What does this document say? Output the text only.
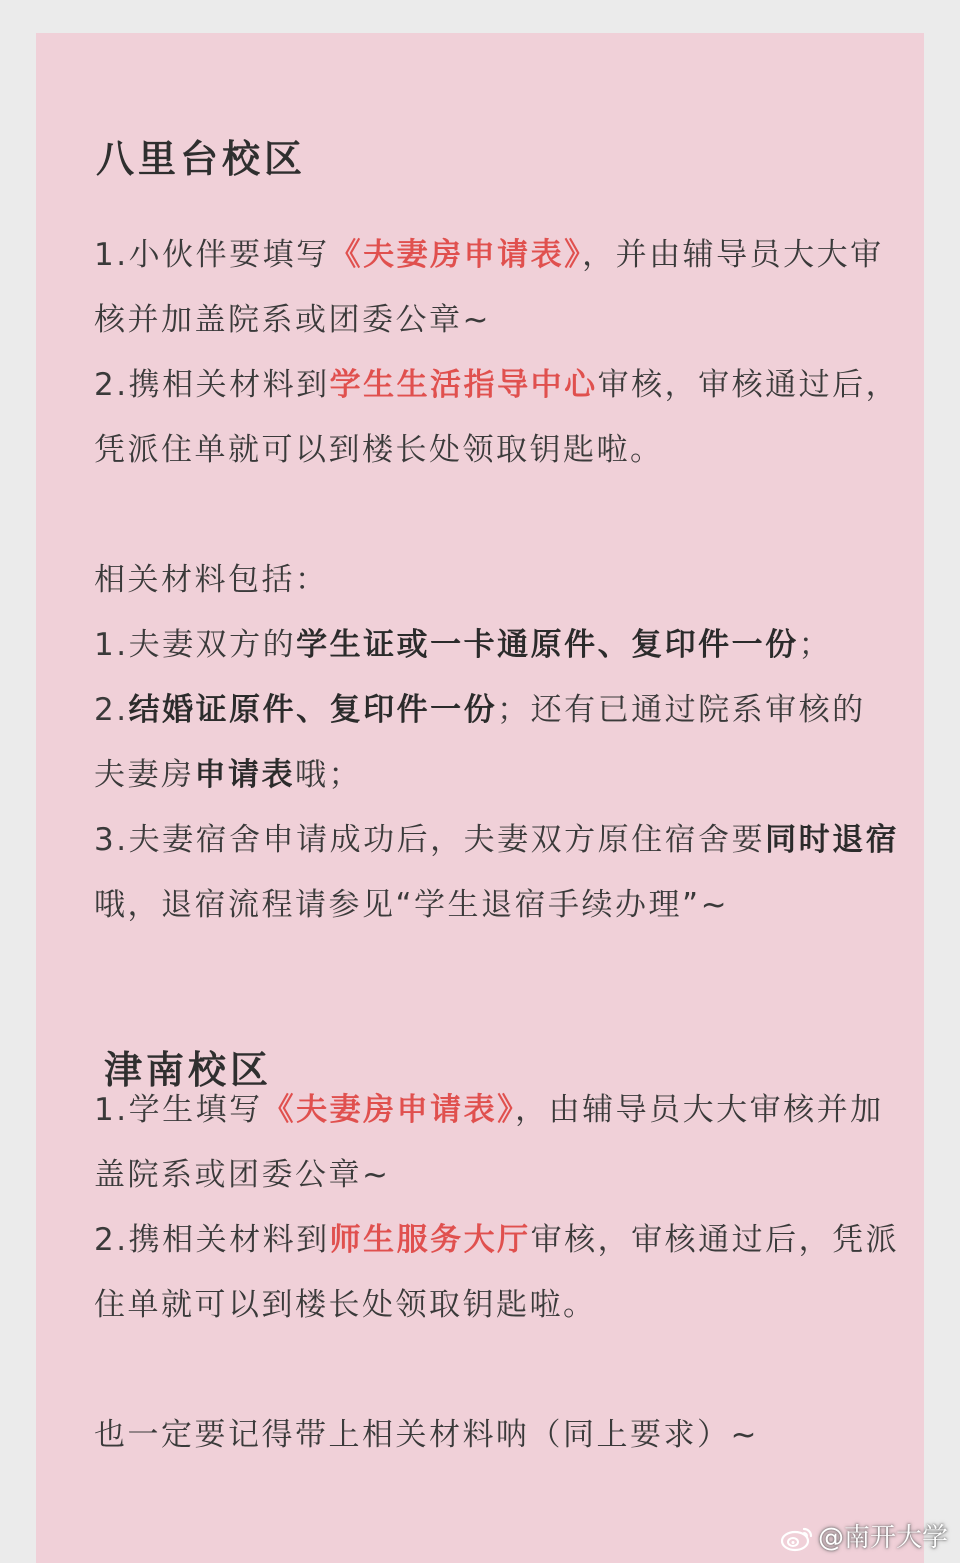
八里台校区
1.小伙伴要填写《夫妻房申请表》，并由辅导员大大审
核并加盖院系或团委公章~
2.携相关材料到学生生活指导中心审核，审核通过后，
凭派住单就可以到楼长处领取钥匙啦。
相关材料包括：
1.夫妻双方的学生证或一卡通原件、复印件一份；
2.结婚证原件、复印件一份；还有已通过院系审核的
夫妻房申请表哦；
3.夫妻宿舍申请成功后，夫妻双方原住宿舍要同时退宿
哦，退宿流程请参见“学生退宿手续办理”~
津南校区
1.学生填写《夫妻房申请表》，由辅导员大大审核并加
盖院系或团委公章~
2.携相关材料到师生服务大厅审核，审核通过后，凭派
住单就可以到楼长处领取钥匙啦。
也一定要记得带上相关材料呐（同上要求）~
@南开大学
